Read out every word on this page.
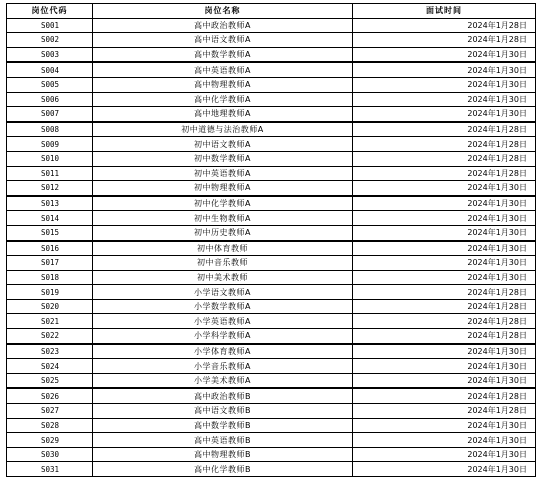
岗位代码	岗位名称	面试时间
S001	高中政治教师A	2024年1月28日
S002	高中语文教师A	2024年1月28日
S003	高中数学教师A	2024年1月30日
S004	高中英语教师A	2024年1月30日
S005	高中物理教师A	2024年1月30日
S006	高中化学教师A	2024年1月30日
S007	高中地理教师A	2024年1月30日
S008	初中道德与法治教师A	2024年1月28日
S009	初中语文教师A	2024年1月28日
S010	初中数学教师A	2024年1月28日
S011	初中英语教师A	2024年1月28日
S012	初中物理教师A	2024年1月30日
S013	初中化学教师A	2024年1月30日
S014	初中生物教师A	2024年1月30日
S015	初中历史教师A	2024年1月30日
S016	初中体育教师	2024年1月30日
S017	初中音乐教师	2024年1月30日
S018	初中美术教师	2024年1月30日
S019	小学语文教师A	2024年1月28日
S020	小学数学教师A	2024年1月28日
S021	小学英语教师A	2024年1月28日
S022	小学科学教师A	2024年1月28日
S023	小学体育教师A	2024年1月30日
S024	小学音乐教师A	2024年1月30日
S025	小学美术教师A	2024年1月30日
S026	高中政治教师B	2024年1月28日
S027	高中语文教师B	2024年1月28日
S028	高中数学教师B	2024年1月30日
S029	高中英语教师B	2024年1月30日
S030	高中物理教师B	2024年1月30日
S031	高中化学教师B	2024年1月30日
